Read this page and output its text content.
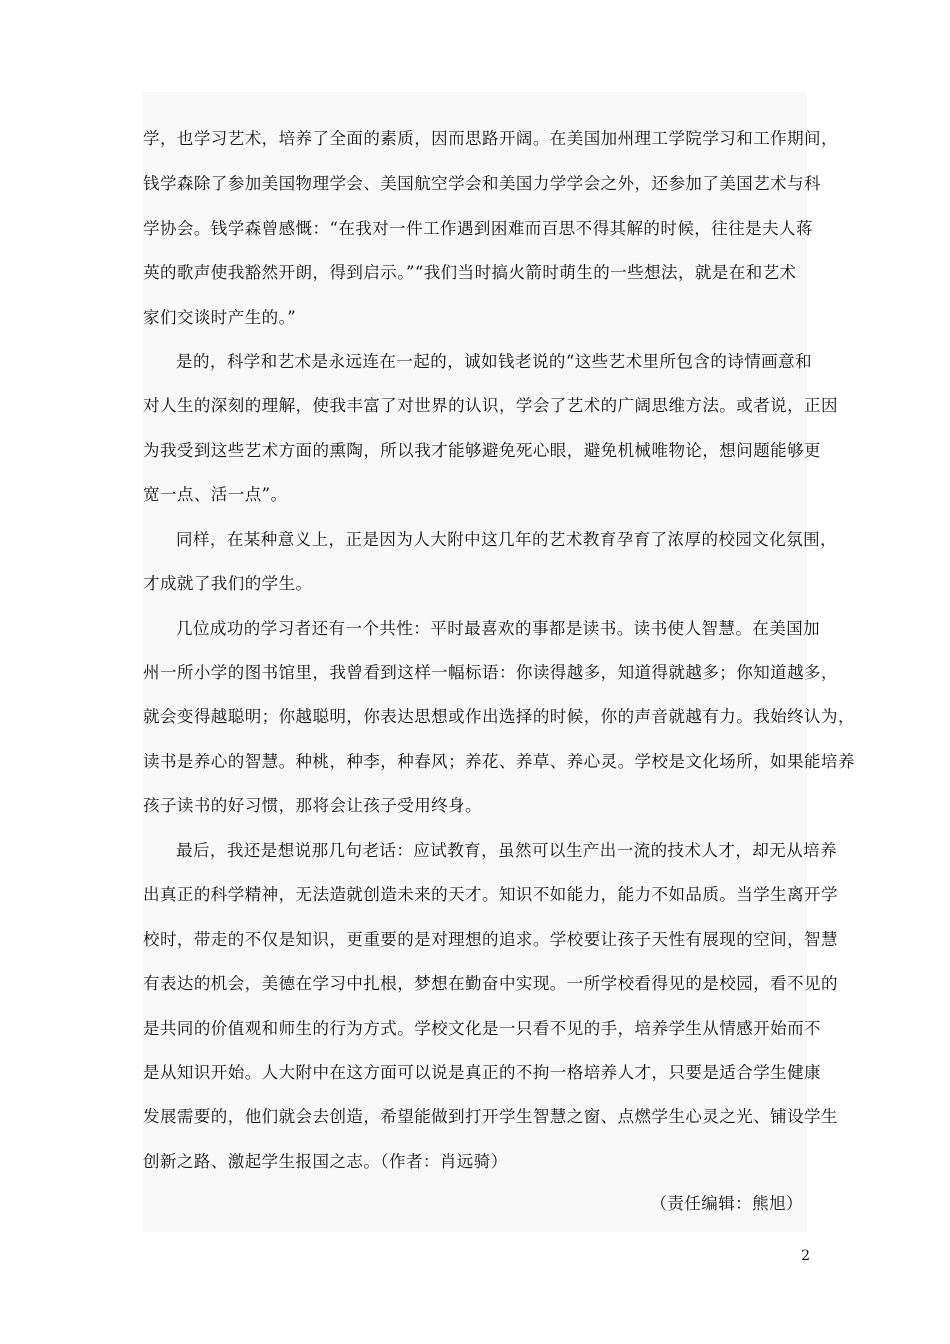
学，也学习艺术，培养了全面的素质，因而思路开阔。在美国加州理工学院学习和工作期间，
钱学森除了参加美国物理学会、美国航空学会和美国力学学会之外，还参加了美国艺术与科
学协会。钱学森曾感慨：“在我对一件工作遇到困难而百思不得其解的时候，往往是夫人蒋
英的歌声使我豁然开朗，得到启示。”“我们当时搞火箭时萌生的一些想法，就是在和艺术
家们交谈时产生的。”
是的，科学和艺术是永远连在一起的，诚如钱老说的“这些艺术里所包含的诗情画意和
对人生的深刻的理解，使我丰富了对世界的认识，学会了艺术的广阔思维方法。或者说，正因
为我受到这些艺术方面的熏陶，所以我才能够避免死心眼，避免机械唯物论，想问题能够更
宽一点、活一点”。
同样，在某种意义上，正是因为人大附中这几年的艺术教育孕育了浓厚的校园文化氛围，
才成就了我们的学生。
几位成功的学习者还有一个共性：平时最喜欢的事都是读书。读书使人智慧。在美国加
州一所小学的图书馆里，我曾看到这样一幅标语：你读得越多，知道得就越多；你知道越多，
就会变得越聪明；你越聪明，你表达思想或作出选择的时候，你的声音就越有力。我始终认为，
读书是养心的智慧。种桃，种李，种春风；养花、养草、养心灵。学校是文化场所，如果能培养
孩子读书的好习惯，那将会让孩子受用终身。
最后，我还是想说那几句老话：应试教育，虽然可以生产出一流的技术人才，却无从培养
出真正的科学精神，无法造就创造未来的天才。知识不如能力，能力不如品质。当学生离开学
校时，带走的不仅是知识，更重要的是对理想的追求。学校要让孩子天性有展现的空间，智慧
有表达的机会，美德在学习中扎根，梦想在勤奋中实现。一所学校看得见的是校园，看不见的
是共同的价值观和师生的行为方式。学校文化是一只看不见的手，培养学生从情感开始而不
是从知识开始。人大附中在这方面可以说是真正的不拘一格培养人才，只要是适合学生健康
发展需要的，他们就会去创造，希望能做到打开学生智慧之窗、点燃学生心灵之光、铺设学生
创新之路、激起学生报国之志。（作者：肖远骑）
（责任编辑：熊旭）
2
